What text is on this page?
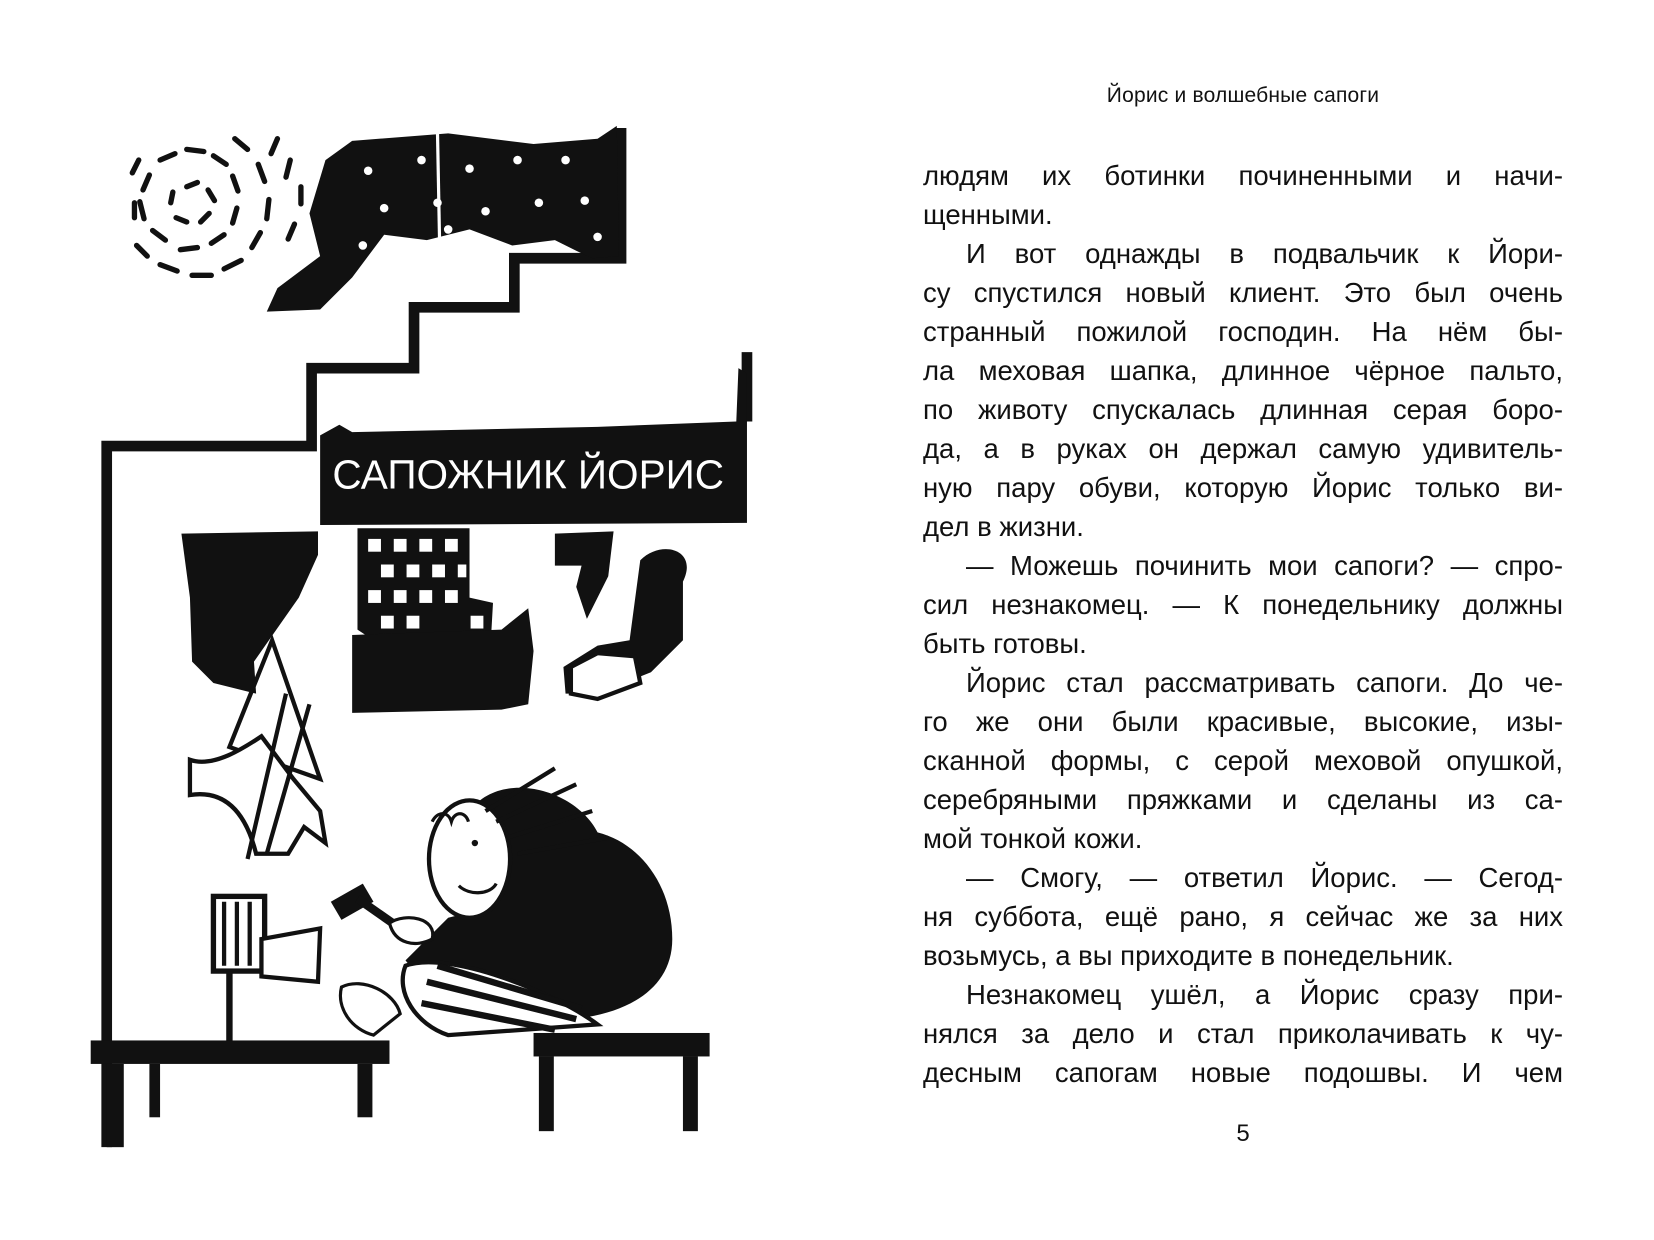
САПОЖНИК ЙОРИС
Йорис и волшебные сапоги
людям их ботинки починенными и начи-
щенными.
И вот однажды в подвальчик к Йори-
су спустился новый клиент. Это был очень
странный пожилой господин. На нём бы-
ла меховая шапка, длинное чёрное пальто,
по животу спускалась длинная серая боро-
да, а в руках он держал самую удивитель-
ную пару обуви, которую Йорис только ви-
дел в жизни.
— Можешь починить мои сапоги? — спро-
сил незнакомец. — К понедельнику должны
быть готовы.
Йорис стал рассматривать сапоги. До че-
го же они были красивые, высокие, изы-
сканной формы, с серой меховой опушкой,
серебряными пряжками и сделаны из са-
мой тонкой кожи.
— Смогу, — ответил Йорис. — Сегод-
ня суббота, ещё рано, я сейчас же за них
возьмусь, а вы приходите в понедельник.
Незнакомец ушёл, а Йорис сразу при-
нялся за дело и стал приколачивать к чу-
десным сапогам новые подошвы. И чем
5
